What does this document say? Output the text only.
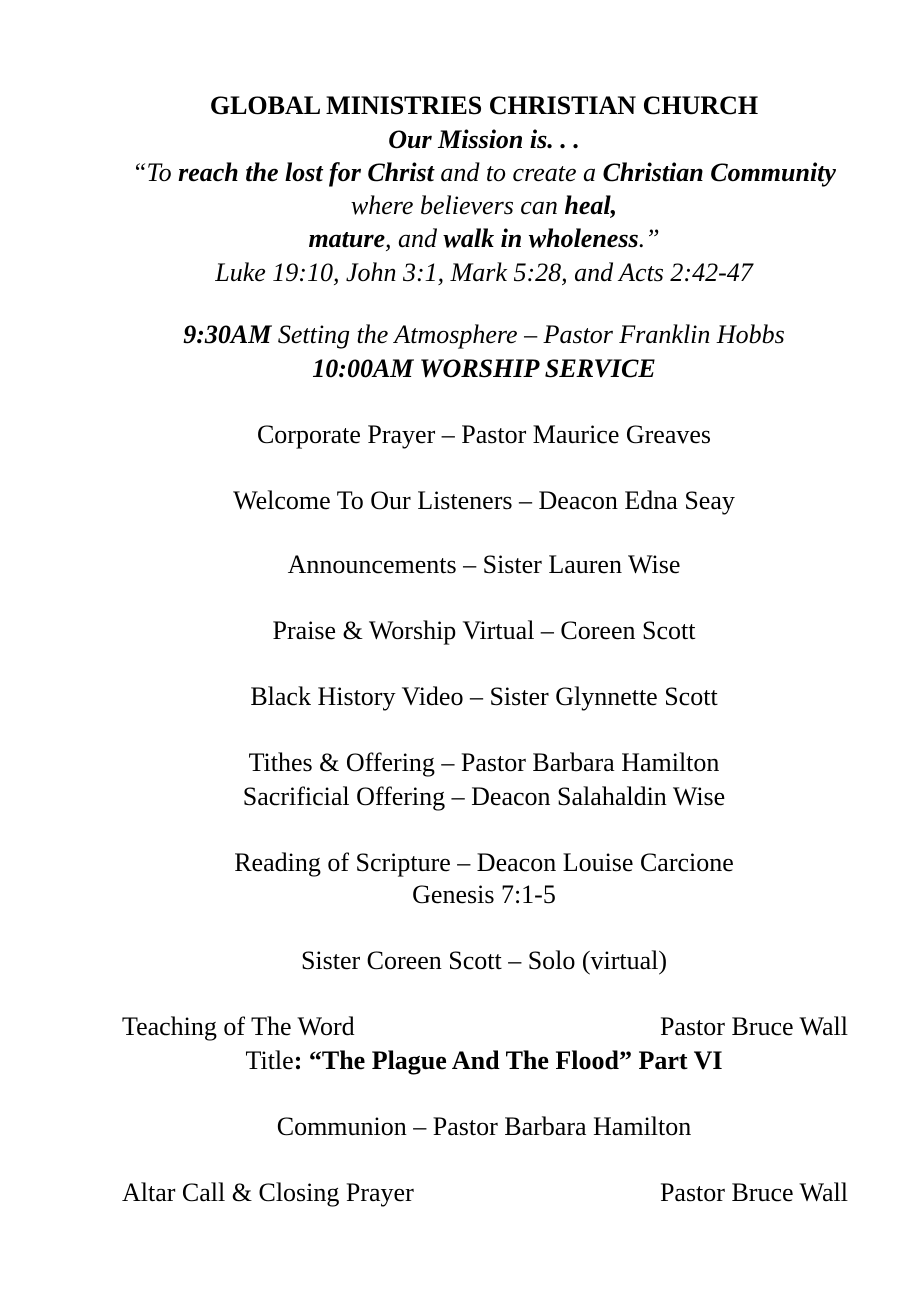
GLOBAL MINISTRIES CHRISTIAN CHURCH
Our Mission is. . .
“To reach the lost for Christ and to create a Christian Community
where believers can heal,
mature, and walk in wholeness.”
Luke 19:10, John 3:1, Mark 5:28, and Acts 2:42-47
9:30AM Setting the Atmosphere – Pastor Franklin Hobbs
10:00AM WORSHIP SERVICE
Corporate Prayer – Pastor Maurice Greaves
Welcome To Our Listeners – Deacon Edna Seay
Announcements – Sister Lauren Wise
Praise & Worship Virtual – Coreen Scott
Black History Video – Sister Glynnette Scott
Tithes & Offering – Pastor Barbara Hamilton
Sacrificial Offering – Deacon Salahaldin Wise
Reading of Scripture – Deacon Louise Carcione
Genesis 7:1-5
Sister Coreen Scott – Solo (virtual)
Teaching of The Word	Pastor Bruce Wall
Title: “The Plague And The Flood” Part VI
Communion – Pastor Barbara Hamilton
Altar Call & Closing Prayer	Pastor Bruce Wall
